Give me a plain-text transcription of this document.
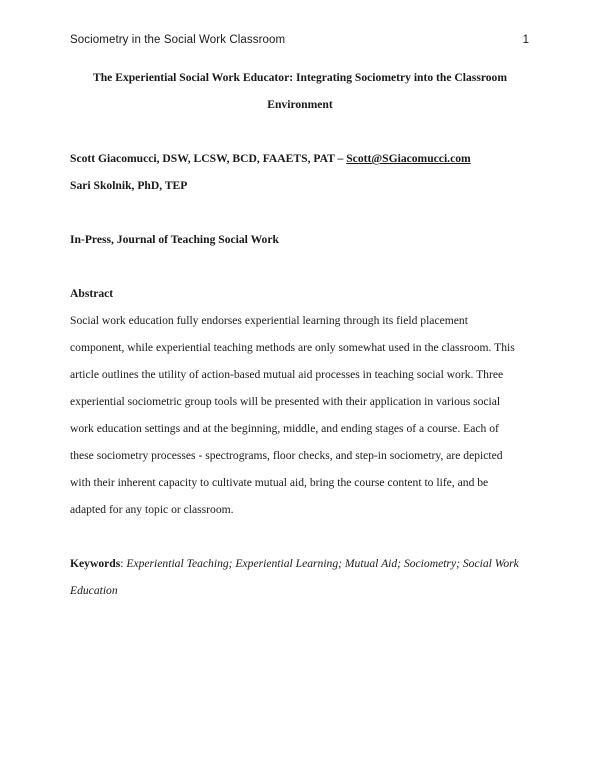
Sociometry in the Social Work Classroom	1
The Experiential Social Work Educator: Integrating Sociometry into the Classroom
Environment
Scott Giacomucci, DSW, LCSW, BCD, FAAETS, PAT – Scott@SGiacomucci.com
Sari Skolnik, PhD, TEP
In-Press, Journal of Teaching Social Work
Abstract
Social work education fully endorses experiential learning through its field placement
component, while experiential teaching methods are only somewhat used in the classroom. This
article outlines the utility of action-based mutual aid processes in teaching social work. Three
experiential sociometric group tools will be presented with their application in various social
work education settings and at the beginning, middle, and ending stages of a course. Each of
these sociometry processes - spectrograms, floor checks, and step-in sociometry, are depicted
with their inherent capacity to cultivate mutual aid, bring the course content to life, and be
adapted for any topic or classroom.
Keywords: Experiential Teaching; Experiential Learning; Mutual Aid; Sociometry; Social Work
Education
